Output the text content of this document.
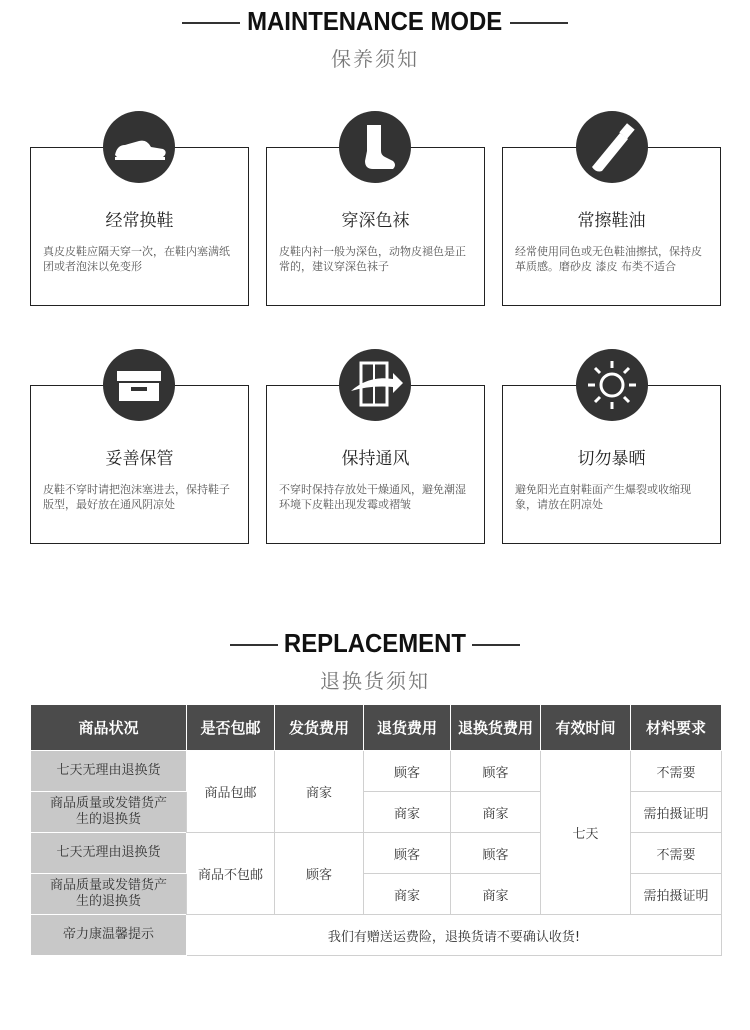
MAINTENANCE MODE
保养须知
经常换鞋
真皮皮鞋应隔天穿一次，在鞋内塞满纸团或者泡沫以免变形
穿深色袜
皮鞋内衬一般为深色，动物皮褪色是正常的，建议穿深色袜子
常擦鞋油
经常使用同色或无色鞋油擦拭，保持皮革质感。磨砂皮 漆皮 布类不适合
妥善保管
皮鞋不穿时请把泡沫塞进去，保持鞋子版型，最好放在通风阴凉处
保持通风
不穿时保持存放处干燥通风，避免潮湿环境下皮鞋出现发霉或褶皱
切勿暴晒
避免阳光直射鞋面产生爆裂或收缩现象，请放在阴凉处
REPLACEMENT
退换货须知
商品状况	是否包邮	发货费用	退货费用	退换货费用	有效时间	材料要求
七天无理由退换货	商品包邮	商家	顾客	顾客	七天	不需要
商品质量或发错货产生的退换货			商家	商家		需拍摄证明
七天无理由退换货	商品不包邮	顾客	顾客	顾客		不需要
商品质量或发错货产生的退换货			商家	商家		需拍摄证明
帝力康温馨提示	我们有赠送运费险，退换货请不要确认收货!					
